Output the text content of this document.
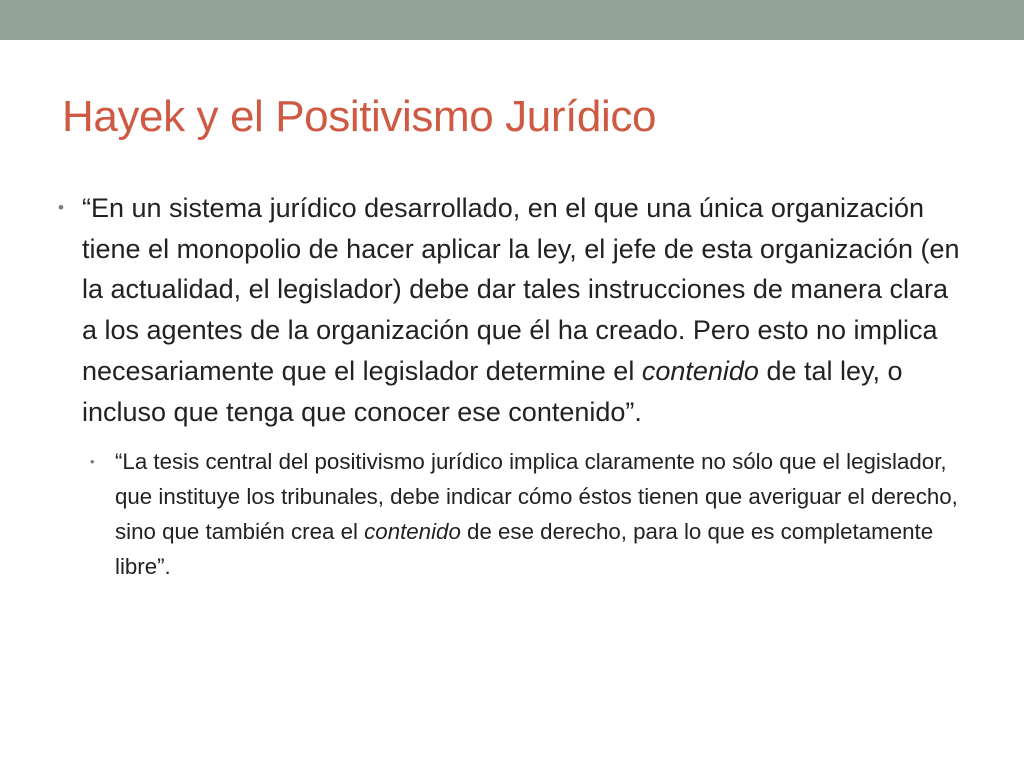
Hayek y el Positivismo Jurídico
• “En un sistema jurídico desarrollado, en el que una única organización tiene el monopolio de hacer aplicar la ley, el jefe de esta organización (en la actualidad, el legislador) debe dar tales instrucciones de manera clara a los agentes de la organización que él ha creado. Pero esto no implica necesariamente que el legislador determine el contenido de tal ley, o incluso que tenga que conocer ese contenido”.
• “La tesis central del positivismo jurídico implica claramente no sólo que el legislador, que instituye los tribunales, debe indicar cómo éstos tienen que averiguar el derecho, sino que también crea el contenido de ese derecho, para lo que es completamente libre”.
